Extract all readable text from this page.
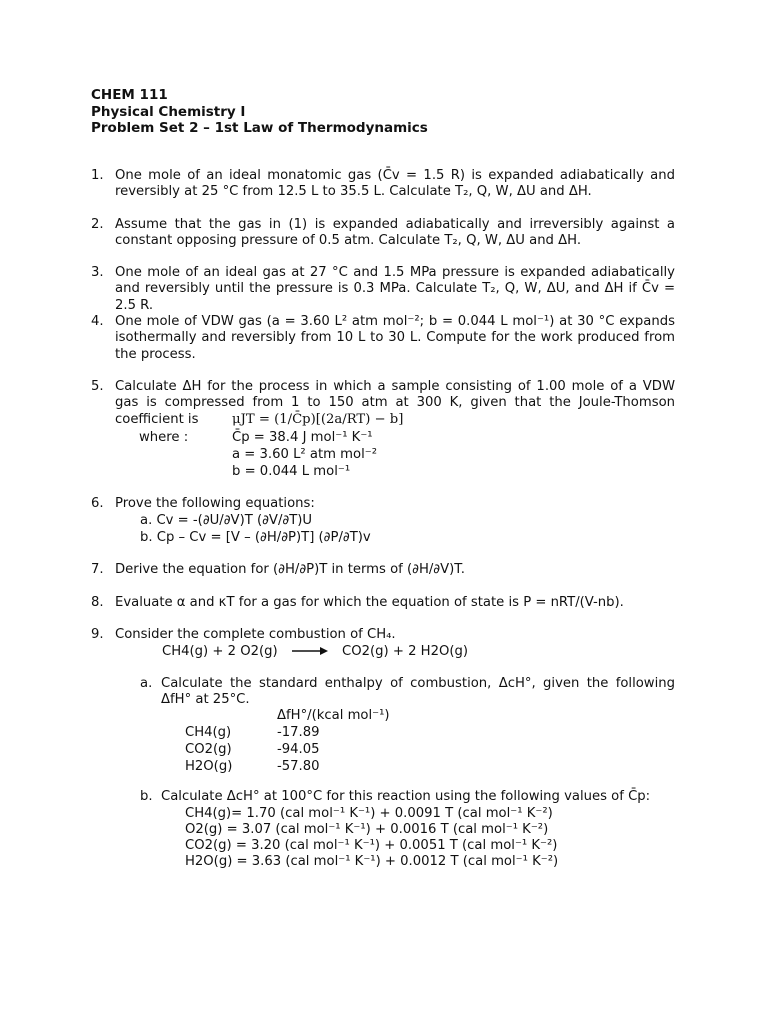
CHEM 111
Physical Chemistry I
Problem Set 2 – 1st Law of Thermodynamics
1. One mole of an ideal monatomic gas (C̄v = 1.5 R) is expanded adiabatically and reversibly at 25 °C from 12.5 L to 35.5 L. Calculate T₂, Q, W, ΔU and ΔH.
2. Assume that the gas in (1) is expanded adiabatically and irreversibly against a constant opposing pressure of 0.5 atm. Calculate T₂, Q, W, ΔU and ΔH.
3. One mole of an ideal gas at 27 °C and 1.5 MPa pressure is expanded adiabatically and reversibly until the pressure is 0.3 MPa. Calculate T₂, Q, W, ΔU, and ΔH if C̄v = 2.5 R.
4. One mole of VDW gas (a = 3.60 L² atm mol⁻²; b = 0.044 L mol⁻¹) at 30 °C expands isothermally and reversibly from 10 L to 30 L. Compute for the work produced from the process.
5. Calculate ΔH for the process in which a sample consisting of 1.00 mole of a VDW gas is compressed from 1 to 150 atm at 300 K, given that the Joule-Thomson coefficient is	μJT = (1/C̄p)[(2a/RT) − b]
where :	C̄p = 38.4 J mol⁻¹ K⁻¹
a = 3.60 L² atm mol⁻²
b = 0.044 L mol⁻¹
6. Prove the following equations:
a. Cv = -(∂U/∂V)T (∂V/∂T)U
b. Cp – Cv = [V – (∂H/∂P)T] (∂P/∂T)v
7. Derive the equation for (∂H/∂P)T in terms of (∂H/∂V)T.
8. Evaluate α and κT for a gas for which the equation of state is P = nRT/(V-nb).
9. Consider the complete combustion of CH₄.
CH4(g) + 2 O2(g) → CO2(g) + 2 H2O(g)
a. Calculate the standard enthalpy of combustion, ΔcH°, given the following ΔfH° at 25°C.
ΔfH°/(kcal mol⁻¹)
CH4(g)	-17.89
CO2(g)	-94.05
H2O(g)	-57.80
b. Calculate ΔcH° at 100°C for this reaction using the following values of C̄p:
CH4(g)= 1.70 (cal mol⁻¹ K⁻¹) + 0.0091 T (cal mol⁻¹ K⁻²)
O2(g) = 3.07 (cal mol⁻¹ K⁻¹) + 0.0016 T (cal mol⁻¹ K⁻²)
CO2(g) = 3.20 (cal mol⁻¹ K⁻¹) + 0.0051 T (cal mol⁻¹ K⁻²)
H2O(g) = 3.63 (cal mol⁻¹ K⁻¹) + 0.0012 T (cal mol⁻¹ K⁻²)
